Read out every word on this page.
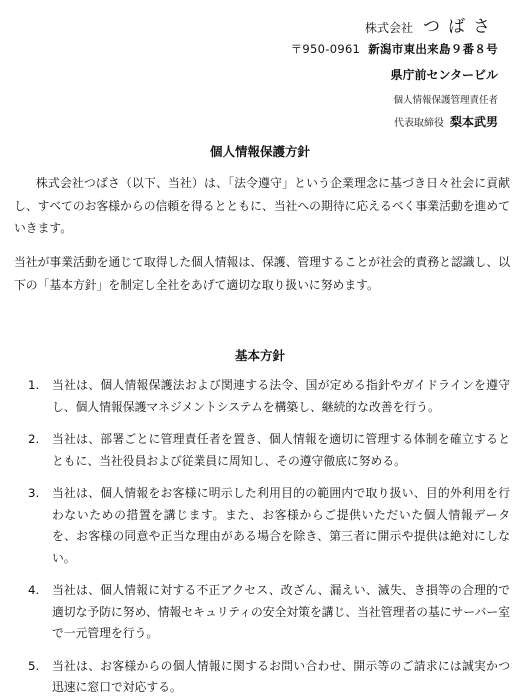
株式会社 つばさ
〒950-0961 新潟市東出来島９番８号
県庁前センタービル
個人情報保護管理責任者
代表取締役 梨本武男
個人情報保護方針

株式会社つばさ（以下、当社）は、「法令遵守」という企業理念に基づき日々社会に貢献し、すべてのお客様からの信頼を得るとともに、当社への期待に応えるべく事業活動を進めていきます。

当社が事業活動を通じて取得した個人情報は、保護、管理することが社会的責務と認識し、以下の「基本方針」を制定し全社をあげて適切な取り扱いに努めます。

基本方針
1. 当社は、個人情報保護法および関連する法令、国が定める指針やガイドラインを遵守し、個人情報保護マネジメントシステムを構築し、継続的な改善を行う。
2. 当社は、部署ごとに管理責任者を置き、個人情報を適切に管理する体制を確立するとともに、当社役員および従業員に周知し、その遵守徹底に努める。
3. 当社は、個人情報をお客様に明示した利用目的の範囲内で取り扱い、目的外利用を行わないための措置を講じます。また、お客様からご提供いただいた個人情報データを、お客様の同意や正当な理由がある場合を除き、第三者に開示や提供は絶対にしない。
4. 当社は、個人情報に対する不正アクセス、改ざん、漏えい、滅失、き損等の合理的で適切な予防に努め、情報セキュリティの安全対策を講じ、当社管理者の基にサーバー室で一元管理を行う。
5. 当社は、お客様からの個人情報に関するお問い合わせ、開示等のご請求には誠実かつ迅速に窓口で対応する。
